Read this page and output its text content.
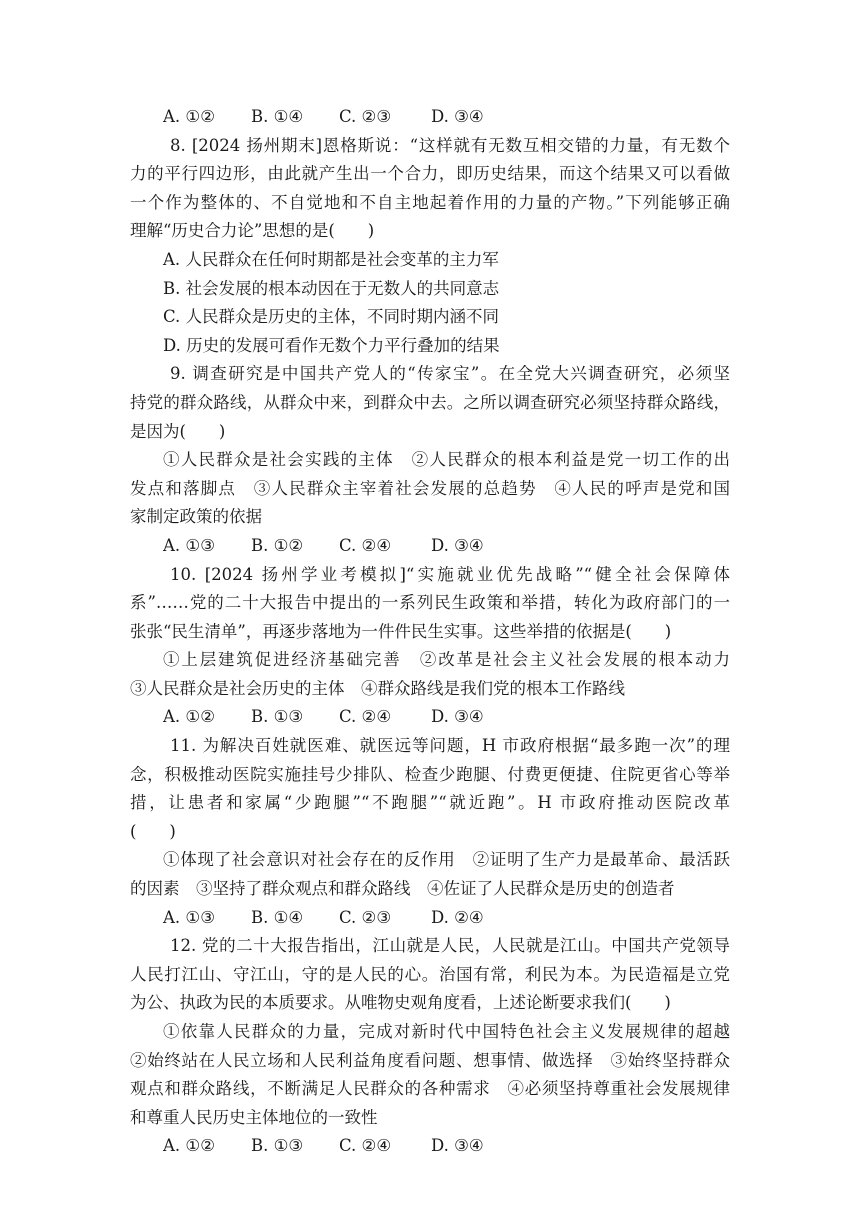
A. ①②	B. ①④	C. ②③	D. ③④
8. [2024 扬州期末]恩格斯说：“这样就有无数互相交错的力量，有无数个
力的平行四边形，由此就产生出一个合力，即历史结果，而这个结果又可以看做
一个作为整体的、不自觉地和不自主地起着作用的力量的产物。”下列能够正确
理解“历史合力论”思想的是(　　)
A. 人民群众在任何时期都是社会变革的主力军
B. 社会发展的根本动因在于无数人的共同意志
C. 人民群众是历史的主体，不同时期内涵不同
D. 历史的发展可看作无数个力平行叠加的结果
9. 调查研究是中国共产党人的“传家宝”。在全党大兴调查研究，必须坚
持党的群众路线，从群众中来，到群众中去。之所以调查研究必须坚持群众路线，
是因为(　　)
①人民群众是社会实践的主体　②人民群众的根本利益是党一切工作的出
发点和落脚点　③人民群众主宰着社会发展的总趋势　④人民的呼声是党和国
家制定政策的依据
A. ①③	B. ①②	C. ②④	D. ③④
10. [2024 扬州学业考模拟]“实施就业优先战略”“健全社会保障体
系”……党的二十大报告中提出的一系列民生政策和举措，转化为政府部门的一
张张“民生清单”，再逐步落地为一件件民生实事。这些举措的依据是(　　)
①上层建筑促进经济基础完善　②改革是社会主义社会发展的根本动力
③人民群众是社会历史的主体　④群众路线是我们党的根本工作路线
A. ①②	B. ①③	C. ②④	D. ③④
11. 为解决百姓就医难、就医远等问题，H 市政府根据“最多跑一次”的理
念，积极推动医院实施挂号少排队、检查少跑腿、付费更便捷、住院更省心等举
措，让患者和家属“少跑腿”“不跑腿”“就近跑”。H 市政府推动医院改革
(　　)
①体现了社会意识对社会存在的反作用　②证明了生产力是最革命、最活跃
的因素　③坚持了群众观点和群众路线　④佐证了人民群众是历史的创造者
A. ①③	B. ①④	C. ②③	D. ②④
12. 党的二十大报告指出，江山就是人民，人民就是江山。中国共产党领导
人民打江山、守江山，守的是人民的心。治国有常，利民为本。为民造福是立党
为公、执政为民的本质要求。从唯物史观角度看，上述论断要求我们(　　)
①依靠人民群众的力量，完成对新时代中国特色社会主义发展规律的超越
②始终站在人民立场和人民利益角度看问题、想事情、做选择　③始终坚持群众
观点和群众路线，不断满足人民群众的各种需求　④必须坚持尊重社会发展规律
和尊重人民历史主体地位的一致性
A. ①②	B. ①③	C. ②④	D. ③④
